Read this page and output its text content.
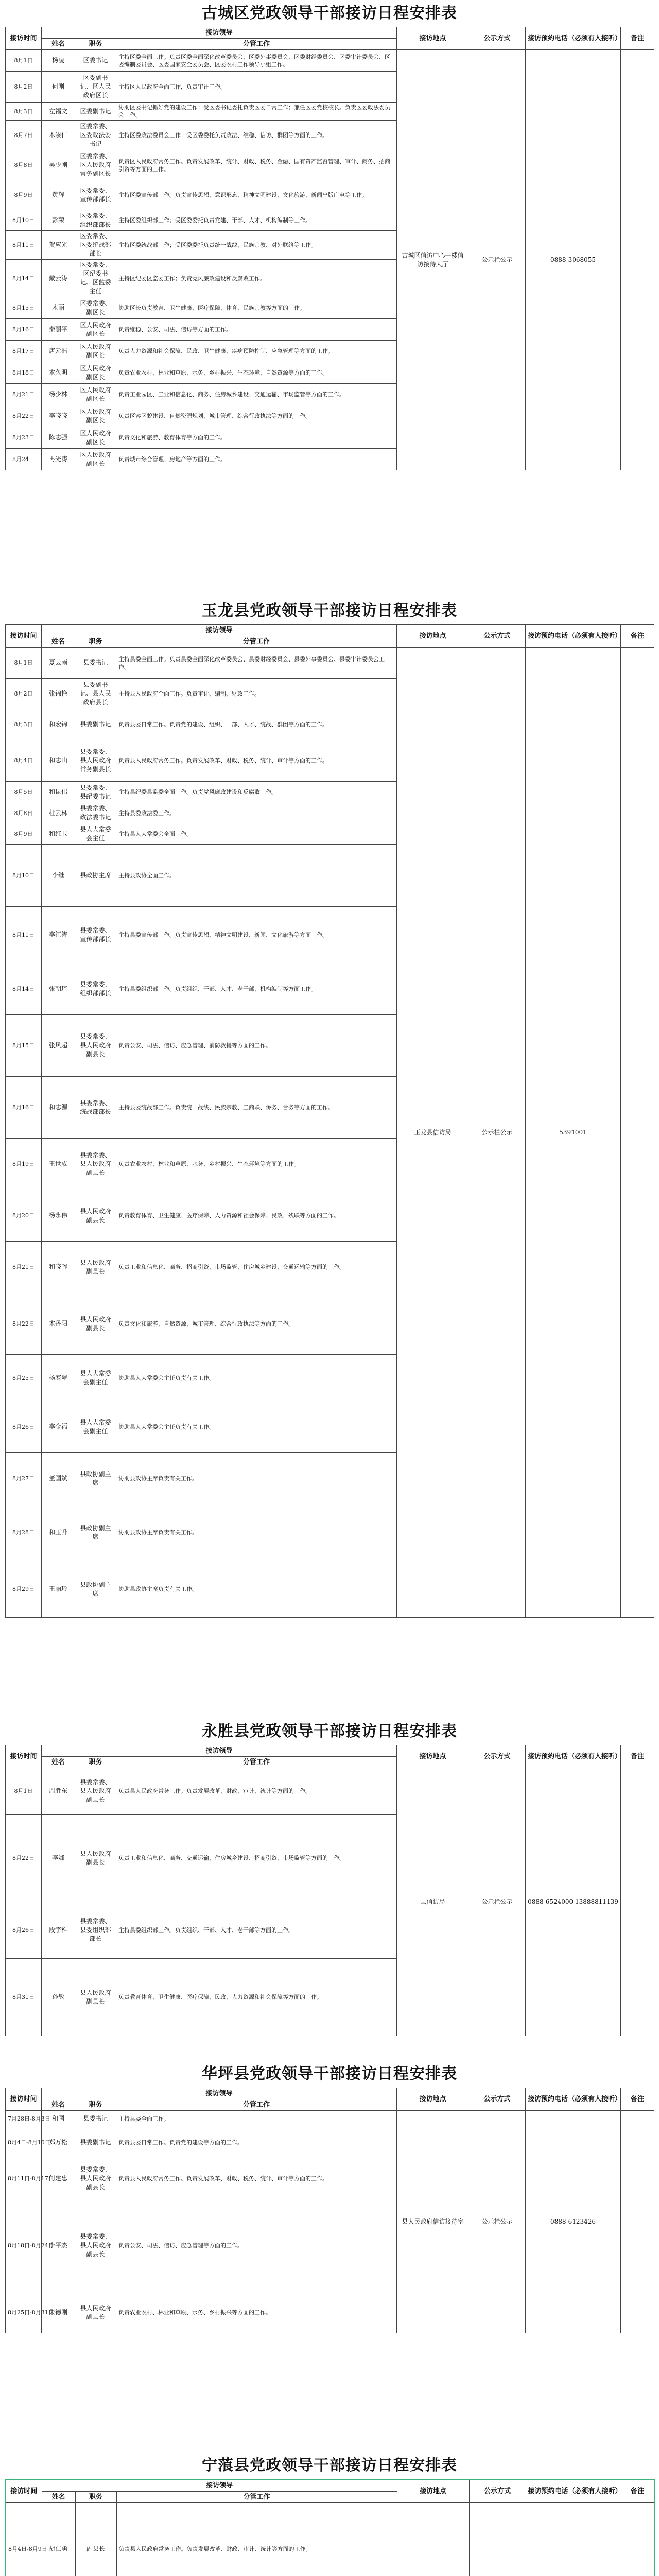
古城区党政领导干部接访日程安排表
接访时间	接访领导			接访地点	公示方式	接访预约电话（必须有人接听）	备注
	姓名	职务	分管工作				
8月1日	杨凌	区委书记	主持区委全面工作。负责区委全面深化改革委员会、区委外事委员会、区委财经委员会、区委审计委员会、区委编制委员会、区委国家安全委员会、区委农村工作领导小组工作。	古城区信访中心一楼信访接待大厅	公示栏公示	0888-3068055	
8月2日	何刚	区委副书记、区人民政府区长	主持区人民政府全面工作，负责审计工作。				
8月3日	左福文	区委副书记	协助区委书记抓好党的建设工作；受区委书记委托负责区委日常工作；兼任区委党校校长。负责区委政法委员会工作。				
8月7日	木崇仁	区委常委、区委政法委书记	主持区委政法委员会工作；受区委委托负责政法、维稳、信访、群团等方面的工作。				
8月8日	吴少刚	区委常委、区人民政府常务副区长	负责区人民政府常务工作。负责发展改革、统计、财政、税务、金融、国有资产监督管理、审计、商务、招商引资等方面的工作。				
8月9日	黄辉	区委常委、宣传部部长	主持区委宣传部工作。负责宣传思想、意识形态、精神文明建设、文化旅游、新闻出版广电等工作。				
8月10日	彭荣	区委常委、组织部部长	主持区委组织部工作；受区委委托负责党建、干部、人才、机构编制等工作。				
8月11日	贺应光	区委常委、区委统战部部长	主持区委统战部工作；受区委委托负责统一战线、民族宗教、对外联络等工作。				
8月14日	戴云涛	区委常委、区纪委书记、区监委主任	主持区纪委区监委工作；负责党风廉政建设和反腐败工作。				
8月15日	木丽	区委常委、副区长	协助区长负责教育、卫生健康、医疗保障、体育、民族宗教等方面的工作。				
8月16日	秦丽平	区人民政府副区长	负责维稳、公安、司法、信访等方面的工作。				
8月17日	唐元浩	区人民政府副区长	负责人力资源和社会保障、民政、卫生健康、疾病预防控制、应急管理等方面的工作。				
8月18日	木久明	区人民政府副区长	负责农业农村、林业和草原、水务、乡村振兴、生态环境、自然资源等方面的工作。				
8月21日	杨少林	区人民政府副区长	负责工业园区、工业和信息化、商务、住房城乡建设、交通运输、市场监管等方面的工作。				
8月22日	李晓晓	区人民政府副区长	负责区容区貌建设、自然资源规划、城市管理、综合行政执法等方面的工作。				
8月23日	陈志强	区人民政府副区长	负责文化和旅游、教育体育等方面的工作。				
8月24日	冉光涛	区人民政府副区长	负责城市综合管理、房地产等方面的工作。				
玉龙县党政领导干部接访日程安排表
接访时间	接访领导			接访地点	公示方式	接访预约电话（必须有人接听）	备注
	姓名	职务	分管工作				
8月1日	夏云雨	县委书记	主持县委全面工作。负责县委全面深化改革委员会、县委财经委员会、县委外事委员会、县委审计委员会工作。	玉龙县信访局	公示栏公示	5391001	
8月2日	张锦艳	县委副书记、县人民政府县长	主持县人民政府全面工作。负责审计、编制、财政工作。				
8月3日	和宏锦	县委副书记	负责县委日常工作。负责党的建设、组织、干部、人才、统战、群团等方面的工作。				
8月4日	和志山	县委常委、县人民政府常务副县长	负责县人民政府常务工作。负责发展改革、财政、税务、统计、审计等方面的工作。				
8月5日	和昆伟	县委常委、县纪委书记	主持县纪委县监委全面工作。负责党风廉政建设和反腐败工作。				
8月8日	杜云林	县委常委、政法委书记	主持县委政法委工作。				
8月9日	和红卫	县人大常委会主任	主持县人大常委会全面工作。				
8月10日	李继	县政协主席	主持县政协全面工作。				
8月11日	李江涛	县委常委、宣传部部长	主持县委宣传部工作。负责宣传思想、精神文明建设、新闻、文化旅游等方面工作。				
8月14日	张朝琦	县委常委、组织部部长	主持县委组织部工作。负责组织、干部、人才、老干部、机构编制等方面工作。				
8月15日	张风超	县委常委、县人民政府副县长	负责公安、司法、信访、应急管理、消防救援等方面的工作。				
8月16日	和志源	县委常委、统战部部长	主持县委统战部工作。负责统一战线、民族宗教、工商联、侨务、台务等方面的工作。				
8月19日	王世成	县委常委、县人民政府副县长	负责农业农村、林业和草原、水务、乡村振兴、生态环境等方面的工作。				
8月20日	杨永伟	县人民政府副县长	负责教育体育、卫生健康、医疗保障、人力资源和社会保障、民政、残联等方面的工作。				
8月21日	和晓晖	县人民政府副县长	负责工业和信息化、商务、招商引资、市场监管、住房城乡建设、交通运输等方面的工作。				
8月22日	木丹阳	县人民政府副县长	负责文化和旅游、自然资源、城市管理、综合行政执法等方面的工作。				
8月25日	杨寒翠	县人大常委会副主任	协助县人大常委会主任负责有关工作。				
8月26日	李金福	县人大常委会副主任	协助县人大常委会主任负责有关工作。				
8月27日	董国斌	县政协副主席	协助县政协主席负责有关工作。				
8月28日	和玉升	县政协副主席	协助县政协主席负责有关工作。				
8月29日	王丽玲	县政协副主席	协助县政协主席负责有关工作。				
永胜县党政领导干部接访日程安排表
接访时间	接访领导			接访地点	公示方式	接访预约电话（必须有人接听）	备注
	姓名	职务	分管工作				
8月1日	周胜东	县委常委、县人民政府副县长	负责县人民政府常务工作。负责发展改革、财政、审计、统计等方面的工作。	县信访局	公示栏公示	0888-6524000 13888811139	
8月22日	李娜	县人民政府副县长	负责工业和信息化、商务、交通运输、住房城乡建设、招商引资、市场监管等方面的工作。				
8月26日	段宇科	县委常委、县委组织部部长	主持县委组织部工作。负责组织、干部、人才、老干部等方面的工作。				
8月31日	孙敏	县人民政府副县长	负责教育体育、卫生健康、医疗保障、民政、人力资源和社会保障等方面的工作。				
华坪县党政领导干部接访日程安排表
接访时间	接访领导			接访地点	公示方式	接访预约电话（必须有人接听）	备注
	姓名	职务	分管工作				
7月28日-8月3日	和国	县委书记	主持县委全面工作。	县人民政府信访接待室	公示栏公示	0888-6123426	
8月4日-8月10日	郑万松	县委副书记	负责县委日常工作。负责党的建设等方面的工作。				
8月11日-8月17日	何建忠	县委常委、县人民政府副县长	负责县人民政府常务工作。负责发展改革、财政、税务、统计、审计等方面的工作。				
8月18日-8月24日	李平杰	县委常委、县人民政府副县长	负责公安、司法、信访、应急管理等方面的工作。				
8月25日-8月31日	朱德刚	县人民政府副县长	负责农业农村、林业和草原、水务、乡村振兴等方面的工作。				
宁蒗县党政领导干部接访日程安排表
接访时间	接访领导			接访地点	公示方式	接访预约电话（必须有人接听）	备注
	姓名	职务	分管工作				
8月4日-8月9日	胡仁勇	副县长	负责县人民政府常务工作。负责发展改革、财政、审计、统计等方面的工作。				
